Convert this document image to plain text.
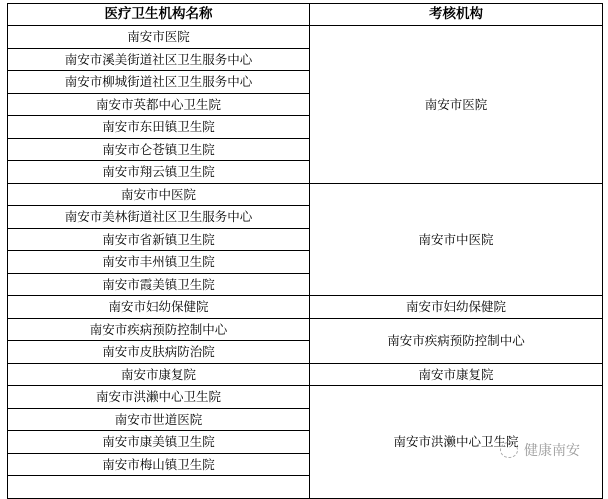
医疗卫生机构名称	考核机构
南安市医院	南安市医院
南安市溪美街道社区卫生服务中心	
南安市柳城街道社区卫生服务中心	
南安市英都中心卫生院	
南安市东田镇卫生院	
南安市仑苍镇卫生院	
南安市翔云镇卫生院	
南安市中医院	南安市中医院
南安市美林街道社区卫生服务中心	
南安市省新镇卫生院	
南安市丰州镇卫生院	
南安市霞美镇卫生院	
南安市妇幼保健院	南安市妇幼保健院
南安市疾病预防控制中心	南安市疾病预防控制中心
南安市皮肤病防治院	
南安市康复院	南安市康复院
南安市洪濑中心卫生院	南安市洪濑中心卫生院
南安市世道医院	
南安市康美镇卫生院	
南安市梅山镇卫生院	

健康南安
